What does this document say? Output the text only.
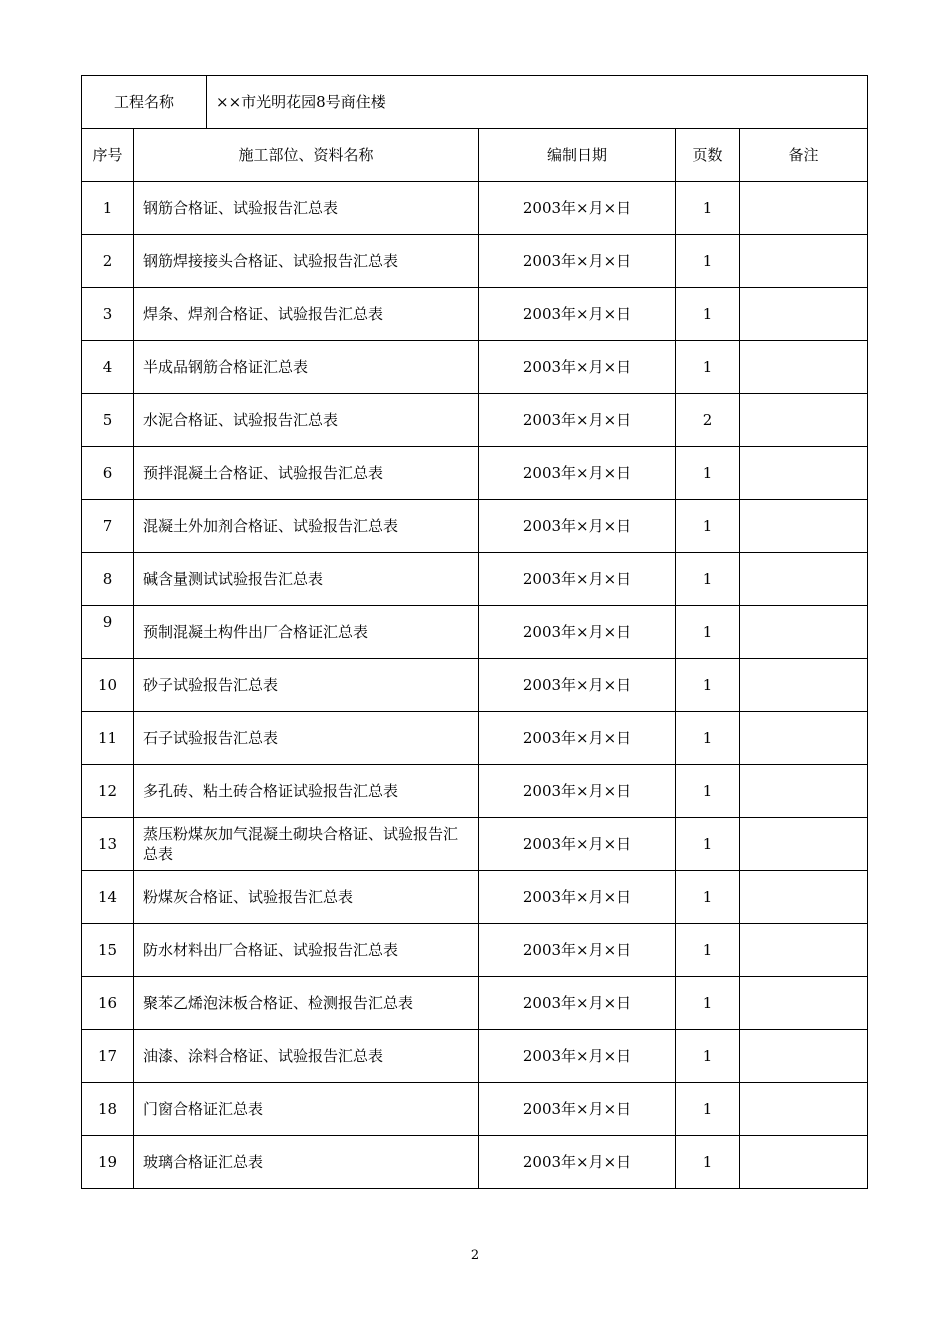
工程名称		××市光明花园8号商住楼			
序号	施工部位、资料名称		编制日期	页数	备注
1	钢筋合格证、试验报告汇总表		2003年×月×日	1	
2	钢筋焊接接头合格证、试验报告汇总表		2003年×月×日	1	
3	焊条、焊剂合格证、试验报告汇总表		2003年×月×日	1	
4	半成品钢筋合格证汇总表		2003年×月×日	1	
5	水泥合格证、试验报告汇总表		2003年×月×日	2	
6	预拌混凝土合格证、试验报告汇总表		2003年×月×日	1	
7	混凝土外加剂合格证、试验报告汇总表		2003年×月×日	1	
8	碱含量测试试验报告汇总表		2003年×月×日	1	
9	预制混凝土构件出厂合格证汇总表		2003年×月×日	1	
10	砂子试验报告汇总表		2003年×月×日	1	
11	石子试验报告汇总表		2003年×月×日	1	
12	多孔砖、粘土砖合格证试验报告汇总表		2003年×月×日	1	
13	蒸压粉煤灰加气混凝土砌块合格证、试验报告汇总表		2003年×月×日	1	
14	粉煤灰合格证、试验报告汇总表		2003年×月×日	1	
15	防水材料出厂合格证、试验报告汇总表		2003年×月×日	1	
16	聚苯乙烯泡沫板合格证、检测报告汇总表		2003年×月×日	1	
17	油漆、涂料合格证、试验报告汇总表		2003年×月×日	1	
18	门窗合格证汇总表		2003年×月×日	1	
19	玻璃合格证汇总表		2003年×月×日	1	
2
